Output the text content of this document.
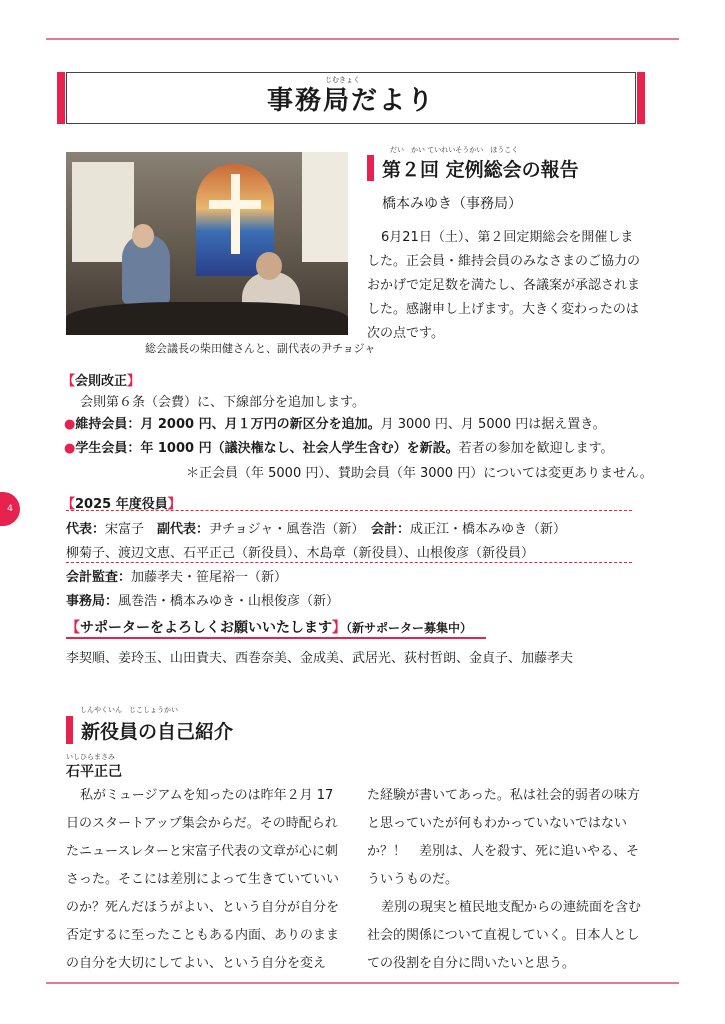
じむきょく
事務局だより
総会議長の柴田健さんと、副代表の尹チョジャ
だい　かい ていれいそうかい　ほうこく
第２回 定例総会の報告
橋本みゆき（事務局）
6月21日（土）、第２回定期総会を開催しま
した。正会員・維持会員のみなさまのご協力の
おかげで定足数を満たし、各議案が承認されま
した。感謝申し上げます。大きく変わったのは
次の点です。
【会則改正】
会則第６条（会費）に、下線部分を追加します。
●維持会員：月 2000 円、月１万円の新区分を追加。月 3000 円、月 5000 円は据え置き。
●学生会員：年 1000 円（議決権なし、社会人学生含む）を新設。若者の参加を歓迎します。
＊正会員（年 5000 円）、賛助会員（年 3000 円）については変更ありません。
4	【2025 年度役員】
代表：宋富子　 副代表：尹チョジャ・風巻浩（新）　 会計：成正江・橋本みゆき（新）
柳菊子、渡辺文恵、石平正己（新役員）、木島章（新役員）、山根俊彦（新役員）
会計監査：加藤孝夫・笹尾裕一（新）
事務局：風巻浩・橋本みゆき・山根俊彦（新）
【サポーターをよろしくお願いいたします】（新サポーター募集中）
李契順、姜玲玉、山田貴夫、西巻奈美、金成美、武居光、荻村哲朗、金貞子、加藤孝夫
しんやくいん　じこしょうかい
新役員の自己紹介
いしひらまさみ
石平正己
私がミュージアムを知ったのは昨年２月 17
日のスタートアップ集会からだ。その時配られ
たニュースレターと宋富子代表の文章が心に刺
さった。そこには差別によって生きていていい
のか？死んだほうがよい、という自分が自分を
否定するに至ったこともある内面、ありのまま
の自分を大切にしてよい、という自分を変え
た経験が書いてあった。私は社会的弱者の味方
と思っていたが何もわかっていないではない
か？！　差別は、人を殺す、死に追いやる、そ
ういうものだ。
差別の現実と植民地支配からの連続面を含む
社会的関係について直視していく。日本人とし
ての役割を自分に問いたいと思う。
